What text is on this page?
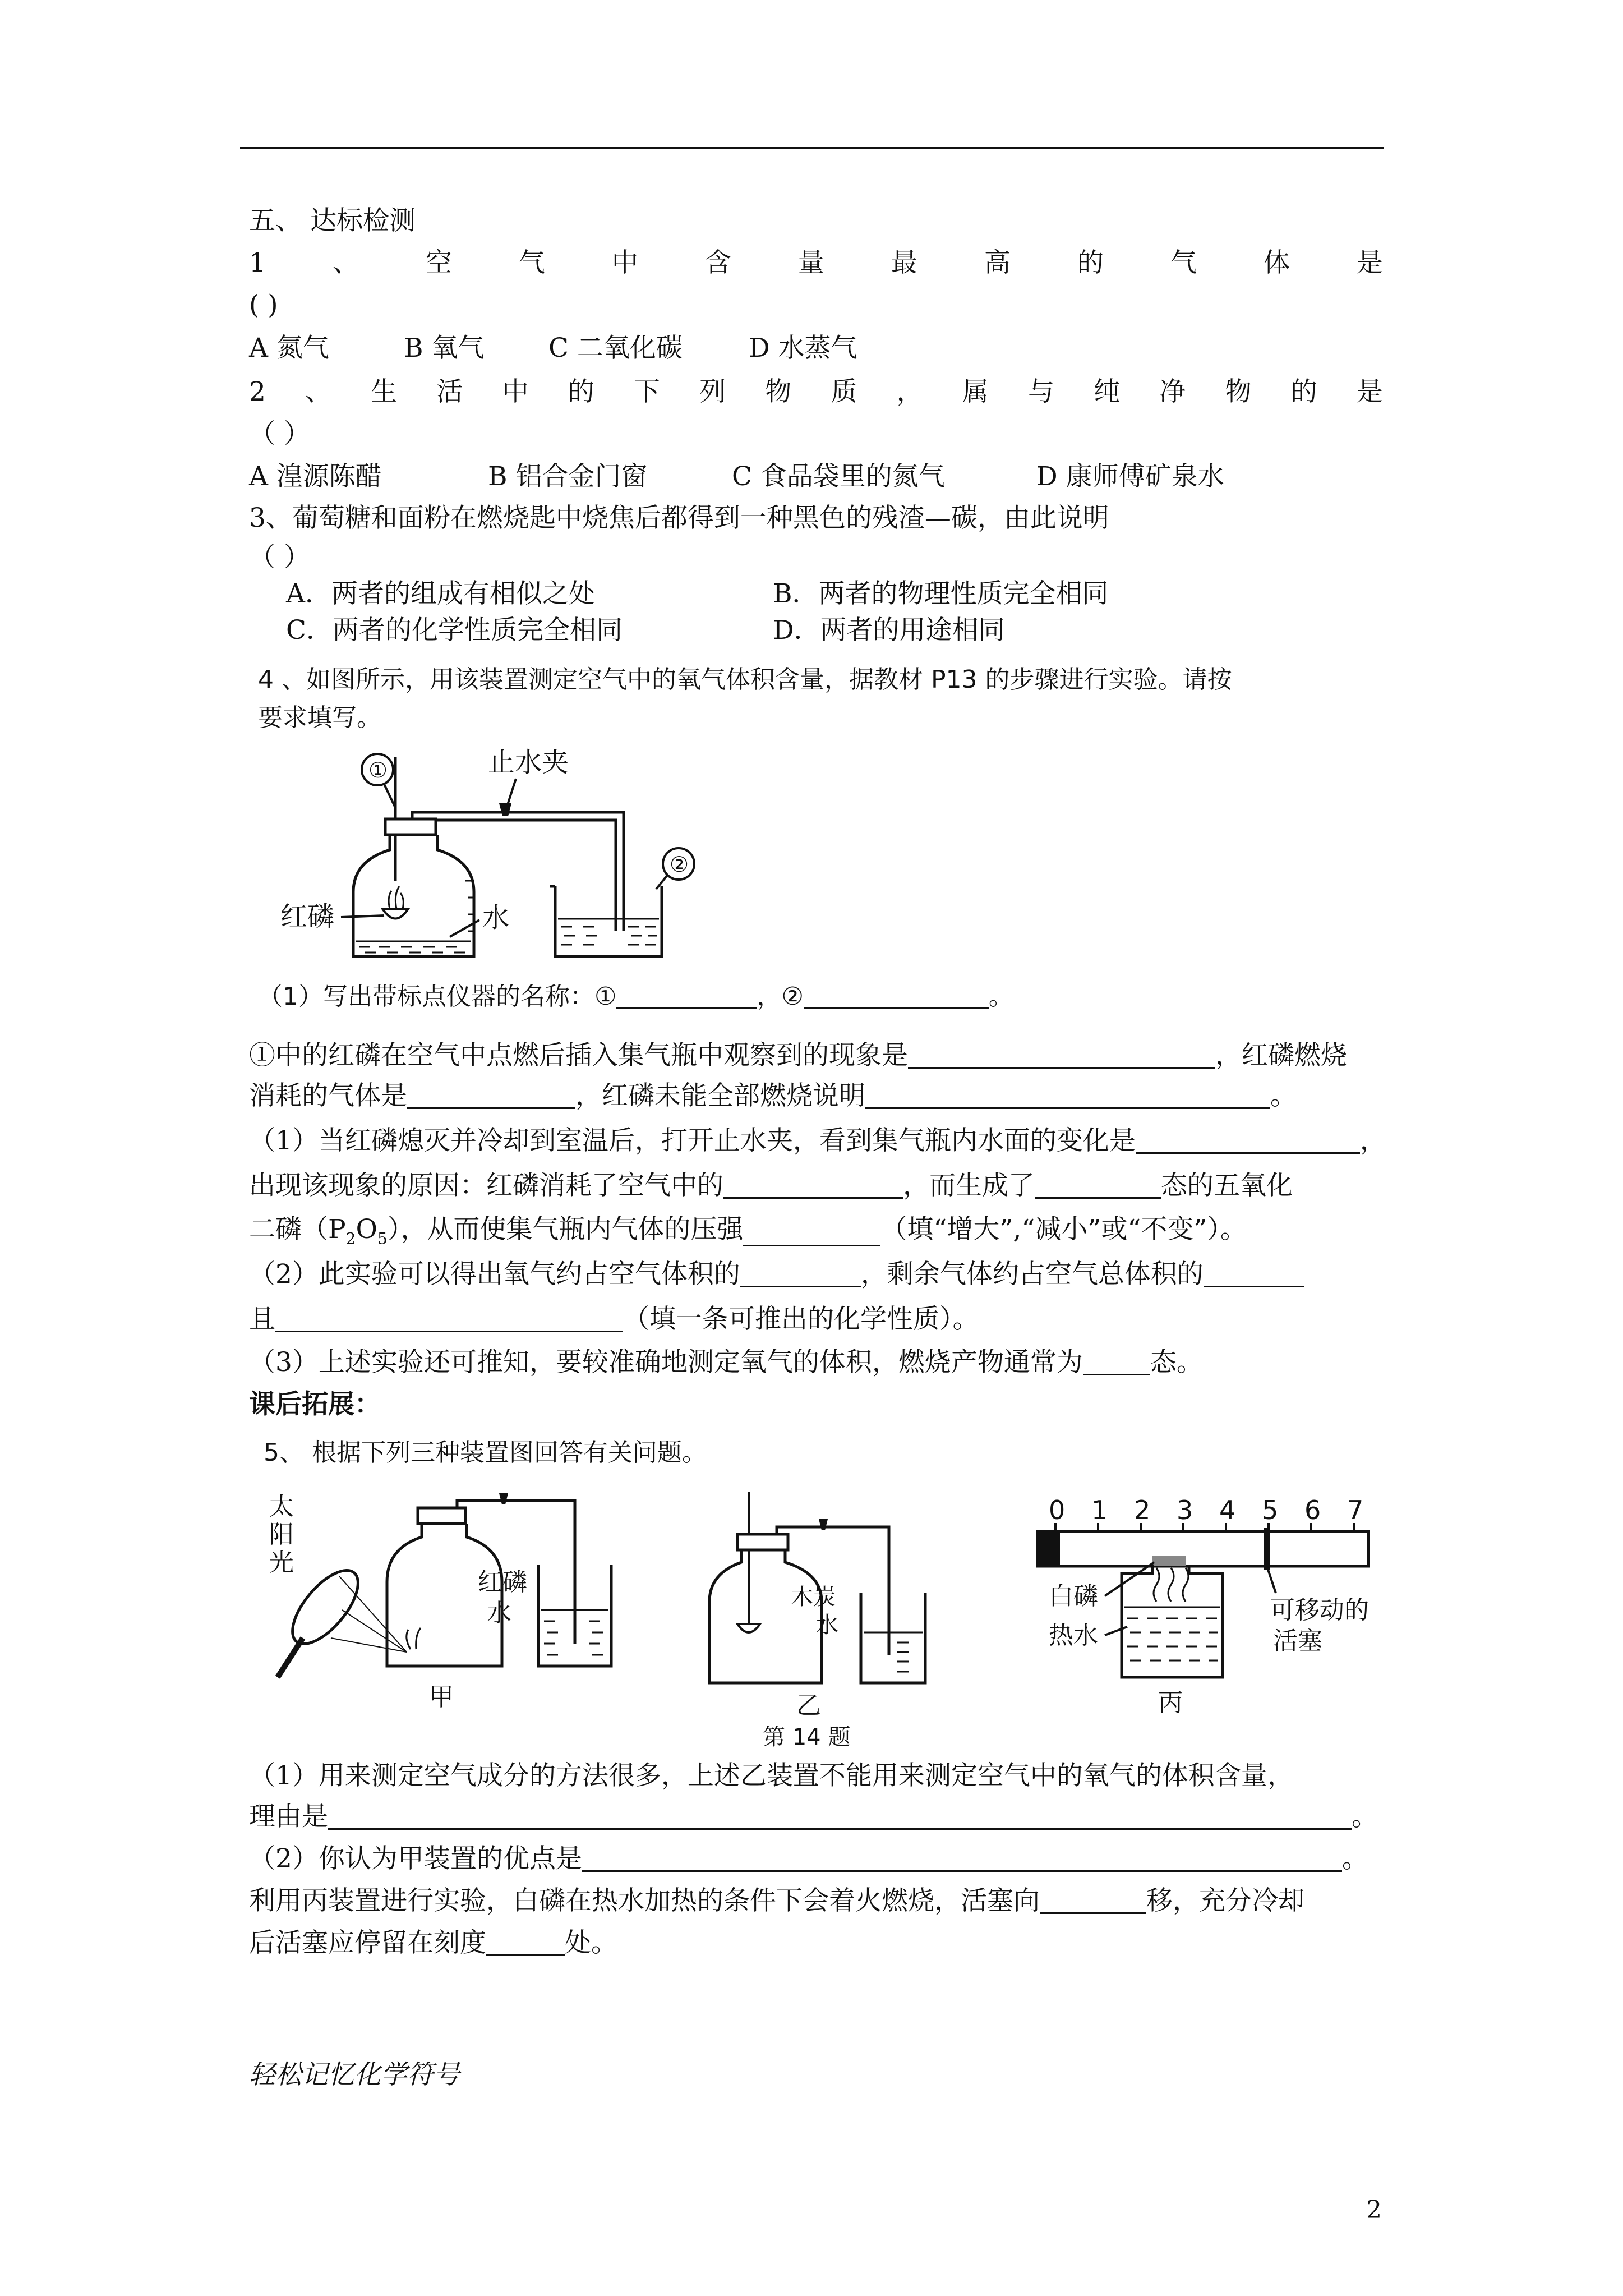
五、 达标检测
1	、	空	气	中	含	量	最	高	的	气	体	是
( )
A 氮气	B 氧气 C 二氧化碳	D 水蒸气
2 、 生 活 中 的 下 列 物 质 ， 属 与 纯 净 物 的 是
（ ）
A 湟源陈醋	B 铝合金门窗	C 食品袋里的氮气	D 康师傅矿泉水
3、葡萄糖和面粉在燃烧匙中烧焦后都得到一种黑色的残渣—碳，由此说明
（ ）
A．两者的组成有相似之处	B．两者的物理性质完全相同
C．两者的化学性质完全相同	D．两者的用途相同
4 、如图所示，用该装置测定空气中的氧气体积含量，据教材 P13 的步骤进行实验。请按
要求填写。
①	止水夹
红磷	水
②
（1）写出带标点仪器的名称：①	，②	。
①中的红磷在空气中点燃后插入集气瓶中观察到的现象是	，红磷燃烧
消耗的气体是	，红磷未能全部燃烧说明	。
（1）当红磷熄灭并冷却到室温后，打开止水夹，看到集气瓶内水面的变化是	，
出现该现象的原因：红磷消耗了空气中的	，而生成了	态的五氧化
二磷$(P_2O_5)$，从而使集气瓶内气体的压强	（填“增大”,“减小”或“不变”）。
（2）此实验可以得出氧气约占空气体积的	，剩余气体约占空气总体积的
且	（填一条可推出的化学性质）。
（3）上述实验还可推知，要较准确地测定氧气的体积，燃烧产物通常为	态。
课后拓展：
5、 根据下列三种装置图回答有关问题。
太
阳
光
红磷
水
甲
木炭
水
乙
第 14 题
0 1 2 3 4 5 6 7
白磷
热水
可移动的
活塞
丙
（1）用来测定空气成分的方法很多，上述乙装置不能用来测定空气中的氧气的体积含量，
理由是	。
（2）你认为甲装置的优点是	。
利用丙装置进行实验，白磷在热水加热的条件下会着火燃烧，活塞向	移，充分冷却
后活塞应停留在刻度	处。
轻松记忆化学符号
2
